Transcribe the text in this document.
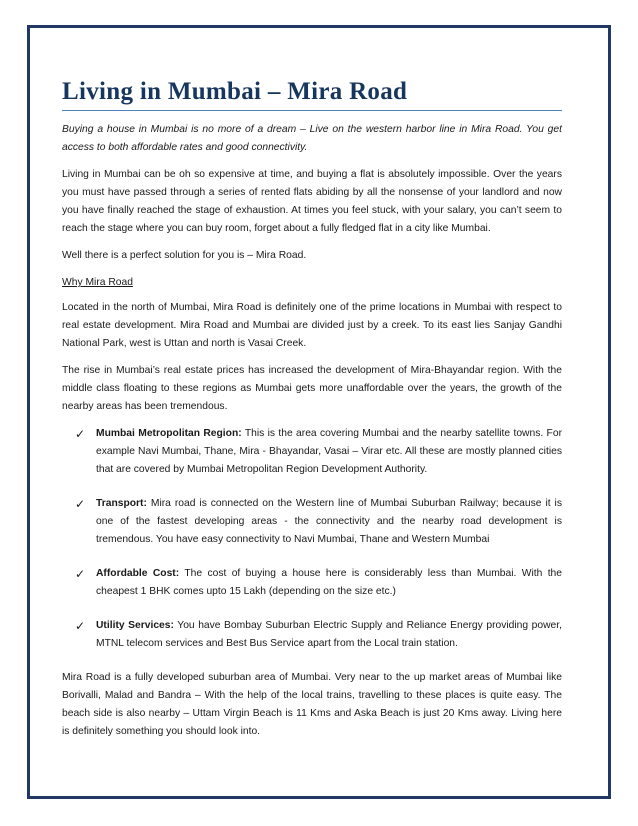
Living in Mumbai – Mira Road

Buying a house in Mumbai is no more of a dream – Live on the western harbor line in Mira Road. You get access to both affordable rates and good connectivity.

Living in Mumbai can be oh so expensive at time, and buying a flat is absolutely impossible. Over the years you must have passed through a series of rented flats abiding by all the nonsense of your landlord and now you have finally reached the stage of exhaustion. At times you feel stuck, with your salary, you can’t seem to reach the stage where you can buy room, forget about a fully fledged flat in a city like Mumbai.

Well there is a perfect solution for you is – Mira Road.

Why Mira Road

Located in the north of Mumbai, Mira Road is definitely one of the prime locations in Mumbai with respect to real estate development. Mira Road and Mumbai are divided just by a creek. To its east lies Sanjay Gandhi National Park, west is Uttan and north is Vasai Creek.

The rise in Mumbai’s real estate prices has increased the development of Mira-Bhayandar region. With the middle class floating to these regions as Mumbai gets more unaffordable over the years, the growth of the nearby areas has been tremendous.

✓ Mumbai Metropolitan Region: This is the area covering Mumbai and the nearby satellite towns. For example Navi Mumbai, Thane, Mira - Bhayandar, Vasai – Virar etc. All these are mostly planned cities that are covered by Mumbai Metropolitan Region Development Authority.
✓ Transport: Mira road is connected on the Western line of Mumbai Suburban Railway; because it is one of the fastest developing areas - the connectivity and the nearby road development is tremendous. You have easy connectivity to Navi Mumbai, Thane and Western Mumbai
✓ Affordable Cost: The cost of buying a house here is considerably less than Mumbai. With the cheapest 1 BHK comes upto 15 Lakh (depending on the size etc.)
✓ Utility Services: You have Bombay Suburban Electric Supply and Reliance Energy providing power, MTNL telecom services and Best Bus Service apart from the Local train station.

Mira Road is a fully developed suburban area of Mumbai. Very near to the up market areas of Mumbai like Borivalli, Malad and Bandra – With the help of the local trains, travelling to these places is quite easy. The beach side is also nearby – Uttam Virgin Beach is 11 Kms and Aska Beach is just 20 Kms away. Living here is definitely something you should look into.
